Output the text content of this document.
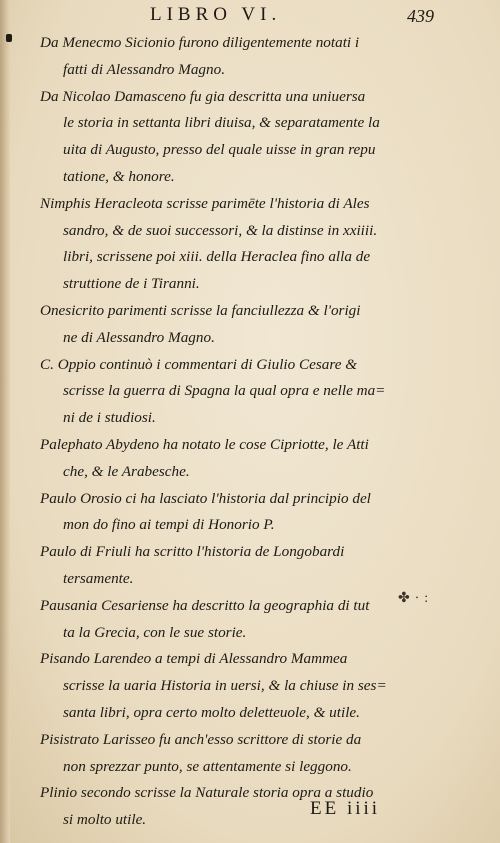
LIBRO VI.	439

Da Menecmo Sicionio furono diligentemente notati i
fatti di Alessandro Magno.

Da Nicolao Damasceno fu gia descritta una uniuersa
le storia in settanta libri diuisa, & separatamente la
uita di Augusto, presso del quale uisse in gran repu
tatione, & honore.

Nimphis Heracleota scrisse parimēte l'historia di Ales
sandro, & de suoi successori, & la distinse in xxiiii.
libri, scrissene poi xiii. della Heraclea fino alla de
struttione de i Tiranni.

Onesicrito parimenti scrisse la fanciullezza & l'origi
ne di Alessandro Magno.

C. Oppio continuò i commentari di Giulio Cesare &
scrisse la guerra di Spagna la qual opra e nelle ma=
ni de i studiosi.

Palephato Abydeno ha notato le cose Cipriotte, le Atti
che, & le Arabesche.

Paulo Orosio ci ha lasciato l'historia dal principio del
mon do fino ai tempi di Honorio P.

Paulo di Friuli ha scritto l'historia de Longobardi
tersamente.

Pausania Cesariense ha descritto la geographia di tut
ta la Grecia, con le sue storie.

Pisando Larendeo a tempi di Alessandro Mammea
scrisse la uaria Historia in uersi, & la chiuse in ses=
santa libri, opra certo molto delettеuole, & utile.

Pisistrato Larisseo fu anch'esso scrittore di storie da
non sprezzar punto, se attentamente si leggono.

Plinio secondo scrisse la Naturale storia opra a studio
si molto utile.

✤ ∙ :
EE iiii
